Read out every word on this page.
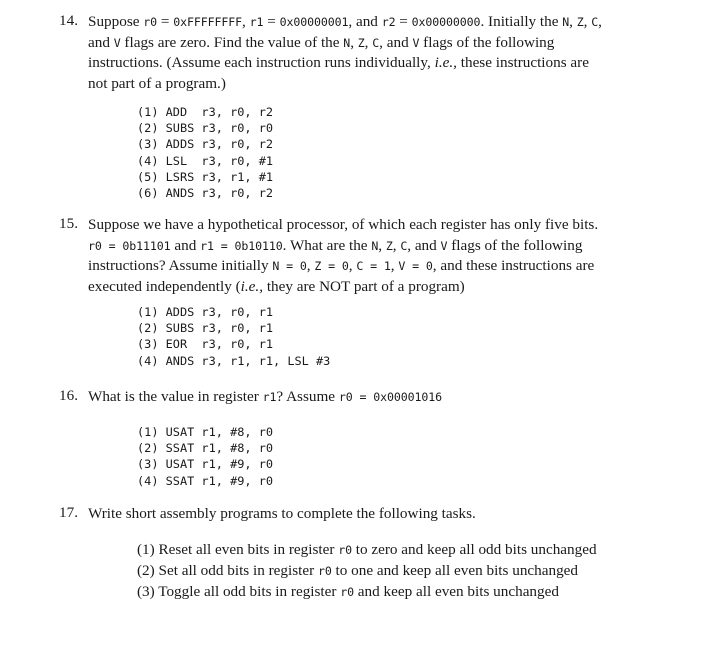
14. Suppose r0 = 0xFFFFFFFF, r1 = 0x00000001, and r2 = 0x00000000. Initially the N, Z, C,

and V flags are zero. Find the value of the N, Z, C, and V flags of the following

instructions. (Assume each instruction runs individually, i.e., these instructions are

not part of a program.)

(1) ADD  r3, r0, r2
(2) SUBS r3, r0, r0
(3) ADDS r3, r0, r2
(4) LSL  r3, r0, #1
(5) LSRS r3, r1, #1
(6) ANDS r3, r0, r2
15. Suppose we have a hypothetical processor, of which each register has only five bits.

r0 = 0b11101 and r1 = 0b10110. What are the N, Z, C, and V flags of the following

instructions? Assume initially N = 0, Z = 0, C = 1, V = 0, and these instructions are

executed independently (i.e., they are NOT part of a program)

(1) ADDS r3, r0, r1
(2) SUBS r3, r0, r1
(3) EOR  r3, r0, r1
(4) ANDS r3, r1, r1, LSL #3
16. What is the value in register r1? Assume r0 = 0x00001016

(1) USAT r1, #8, r0
(2) SSAT r1, #8, r0
(3) USAT r1, #9, r0
(4) SSAT r1, #9, r0
17. Write short assembly programs to complete the following tasks.

(1) Reset all even bits in register r0 to zero and keep all odd bits unchanged
(2) Set all odd bits in register r0 to one and keep all even bits unchanged
(3) Toggle all odd bits in register r0 and keep all even bits unchanged
